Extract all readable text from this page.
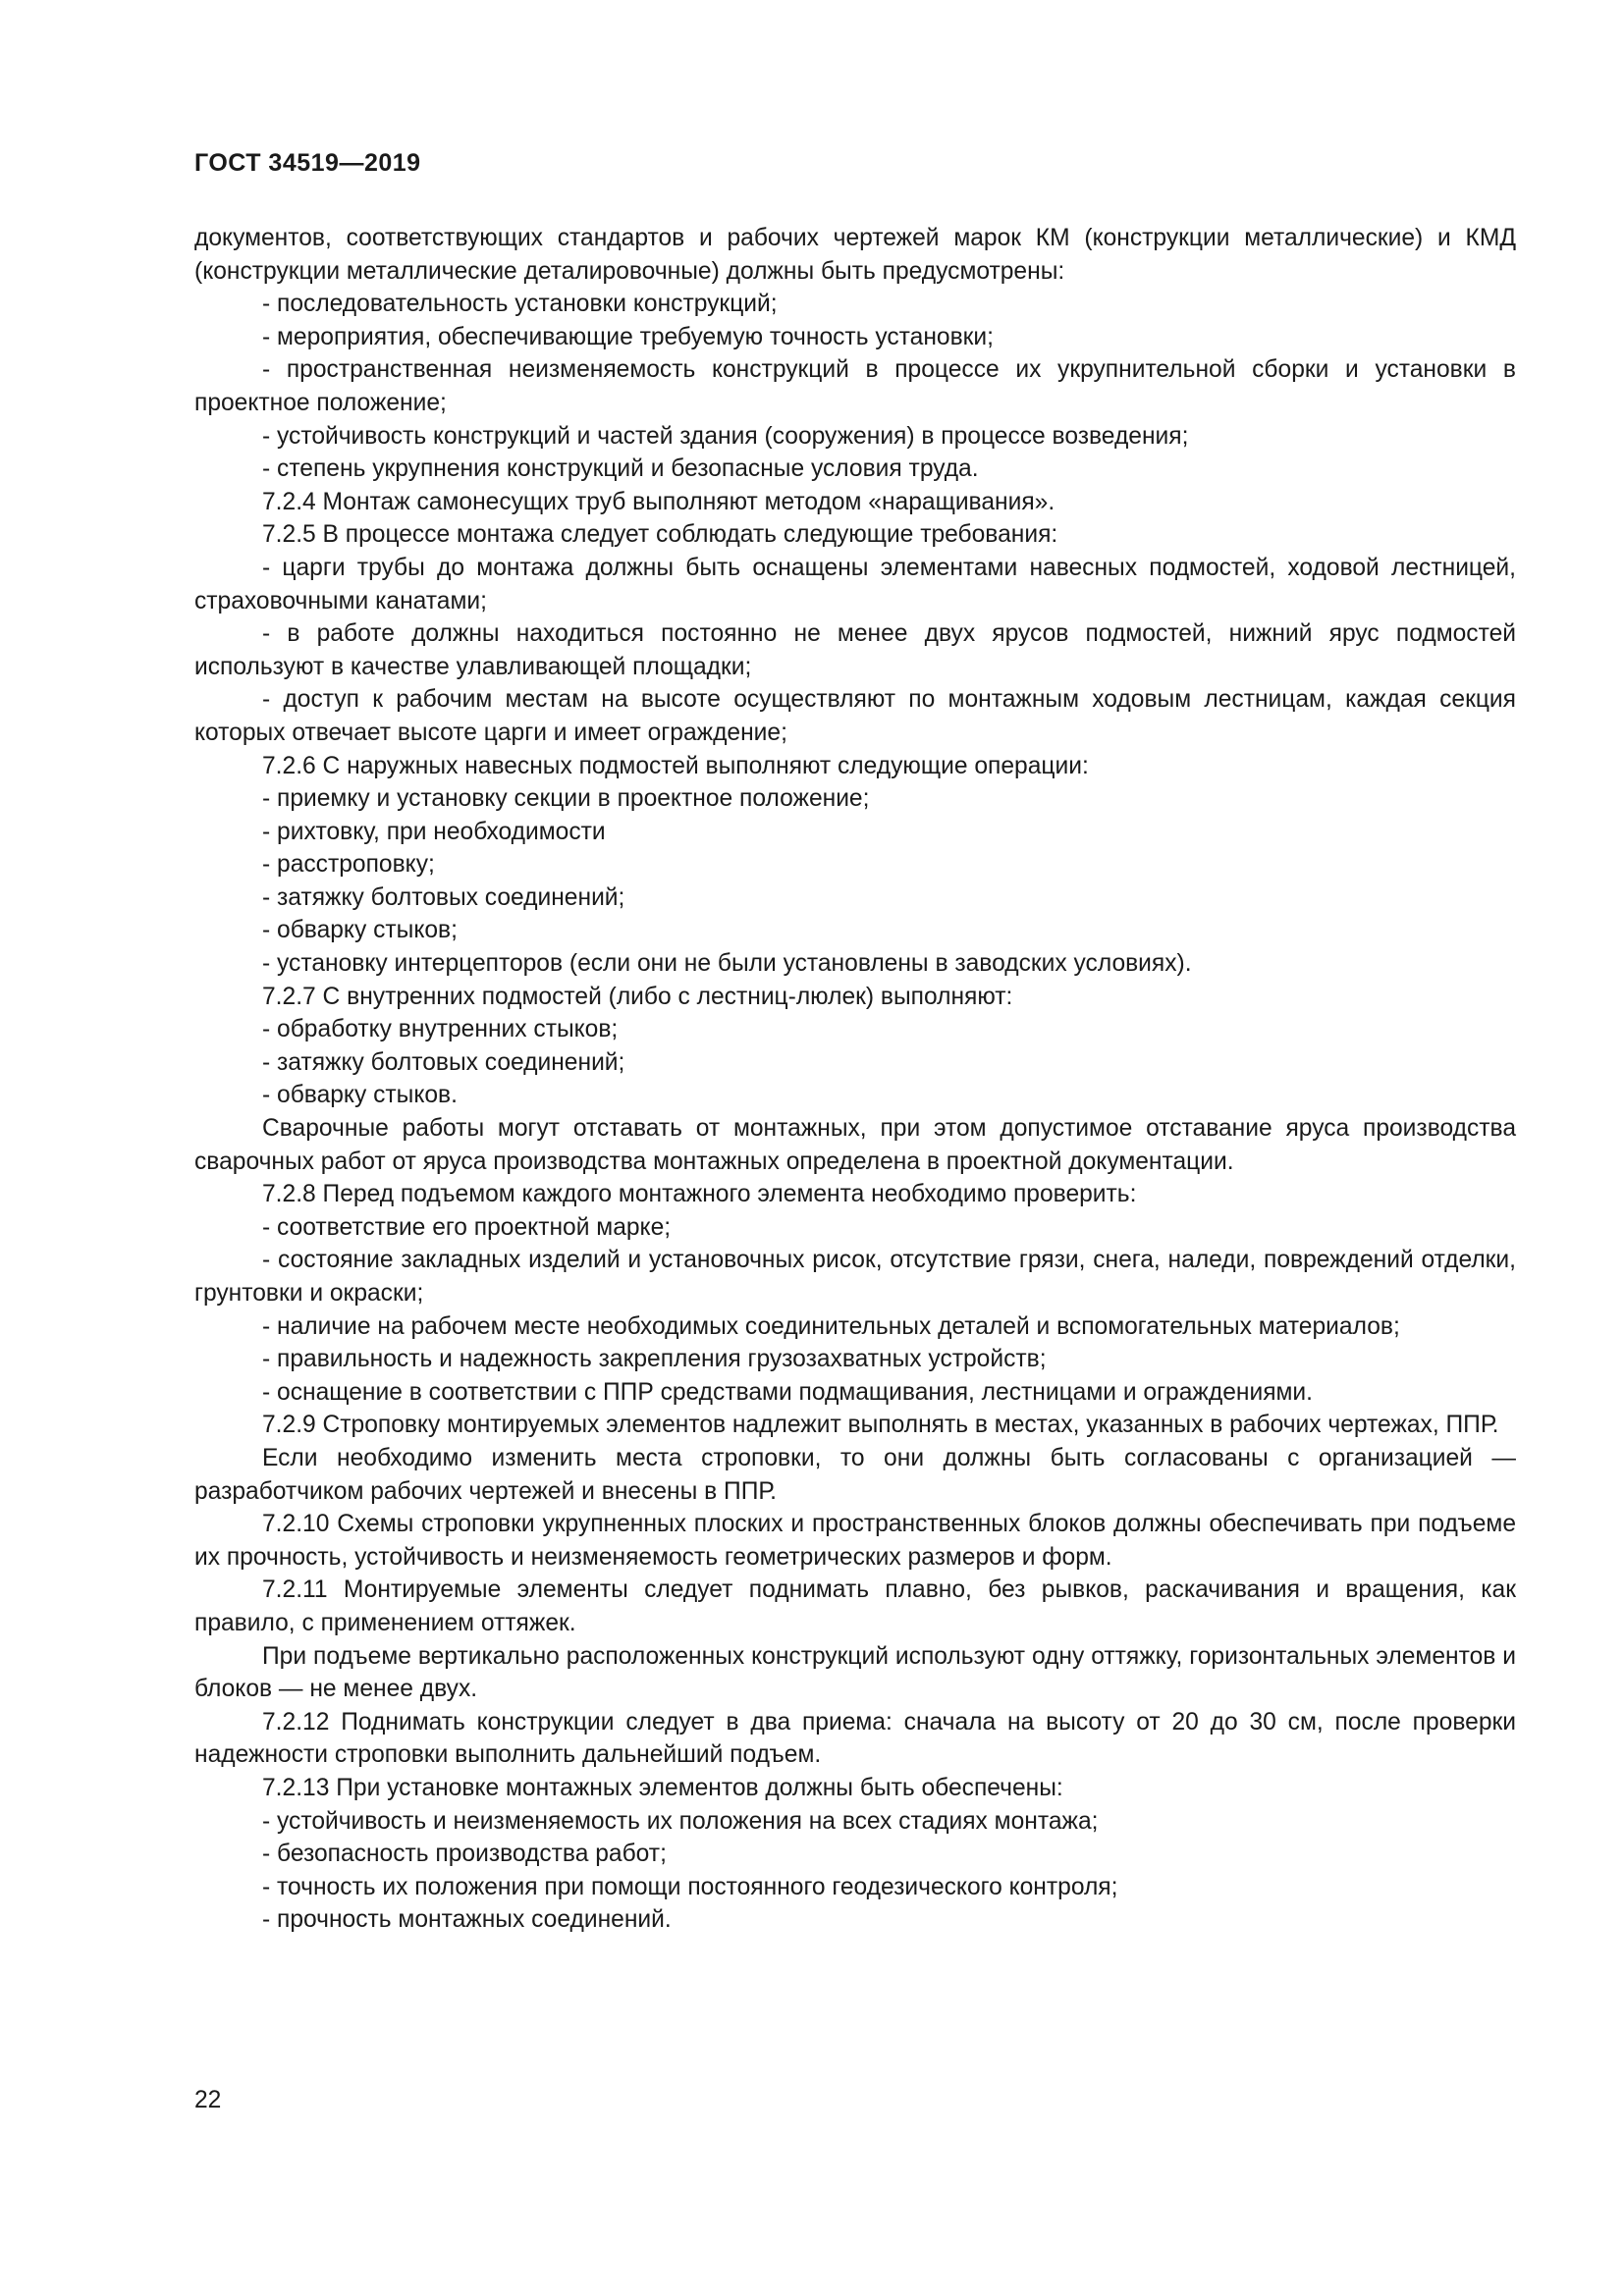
ГОСТ 34519—2019

документов, соответствующих стандартов и рабочих чертежей марок КМ (конструкции металлические) и КМД (конструкции металлические деталировочные) должны быть предусмотрены:

- последовательность установки конструкций;

- мероприятия, обеспечивающие требуемую точность установки;

- пространственная неизменяемость конструкций в процессе их укрупнительной сборки и установки в проектное положение;

- устойчивость конструкций и частей здания (сооружения) в процессе возведения;

- степень укрупнения конструкций и безопасные условия труда.

7.2.4 Монтаж самонесущих труб выполняют методом «наращивания».

7.2.5 В процессе монтажа следует соблюдать следующие требования:

- царги трубы до монтажа должны быть оснащены элементами навесных подмостей, ходовой лестницей, страховочными канатами;

- в работе должны находиться постоянно не менее двух ярусов подмостей, нижний ярус подмостей используют в качестве улавливающей площадки;

- доступ к рабочим местам на высоте осуществляют по монтажным ходовым лестницам, каждая секция которых отвечает высоте царги и имеет ограждение;

7.2.6 С наружных навесных подмостей выполняют следующие операции:

- приемку и установку секции в проектное положение;

- рихтовку, при необходимости

- расстроповку;

- затяжку болтовых соединений;

- обварку стыков;

- установку интерцепторов (если они не были установлены в заводских условиях).

7.2.7 С внутренних подмостей (либо с лестниц-люлек) выполняют:

- обработку внутренних стыков;

- затяжку болтовых соединений;

- обварку стыков.

Сварочные работы могут отставать от монтажных, при этом допустимое отставание яруса производства сварочных работ от яруса производства монтажных определена в проектной документации.

7.2.8 Перед подъемом каждого монтажного элемента необходимо проверить:

- соответствие его проектной марке;

- состояние закладных изделий и установочных рисок, отсутствие грязи, снега, наледи, повреждений отделки, грунтовки и окраски;

- наличие на рабочем месте необходимых соединительных деталей и вспомогательных материалов;

- правильность и надежность закрепления грузозахватных устройств;

- оснащение в соответствии с ППР средствами подмащивания, лестницами и ограждениями.

7.2.9 Строповку монтируемых элементов надлежит выполнять в местах, указанных в рабочих чертежах, ППР.

Если необходимо изменить места строповки, то они должны быть согласованы с организацией — разработчиком рабочих чертежей и внесены в ППР.

7.2.10 Схемы строповки укрупненных плоских и пространственных блоков должны обеспечивать при подъеме их прочность, устойчивость и неизменяемость геометрических размеров и форм.

7.2.11 Монтируемые элементы следует поднимать плавно, без рывков, раскачивания и вращения, как правило, с применением оттяжек.

При подъеме вертикально расположенных конструкций используют одну оттяжку, горизонтальных элементов и блоков — не менее двух.

7.2.12 Поднимать конструкции следует в два приема: сначала на высоту от 20 до 30 см, после проверки надежности строповки выполнить дальнейший подъем.

7.2.13 При установке монтажных элементов должны быть обеспечены:

- устойчивость и неизменяемость их положения на всех стадиях монтажа;

- безопасность производства работ;

- точность их положения при помощи постоянного геодезического контроля;

- прочность монтажных соединений.

22
